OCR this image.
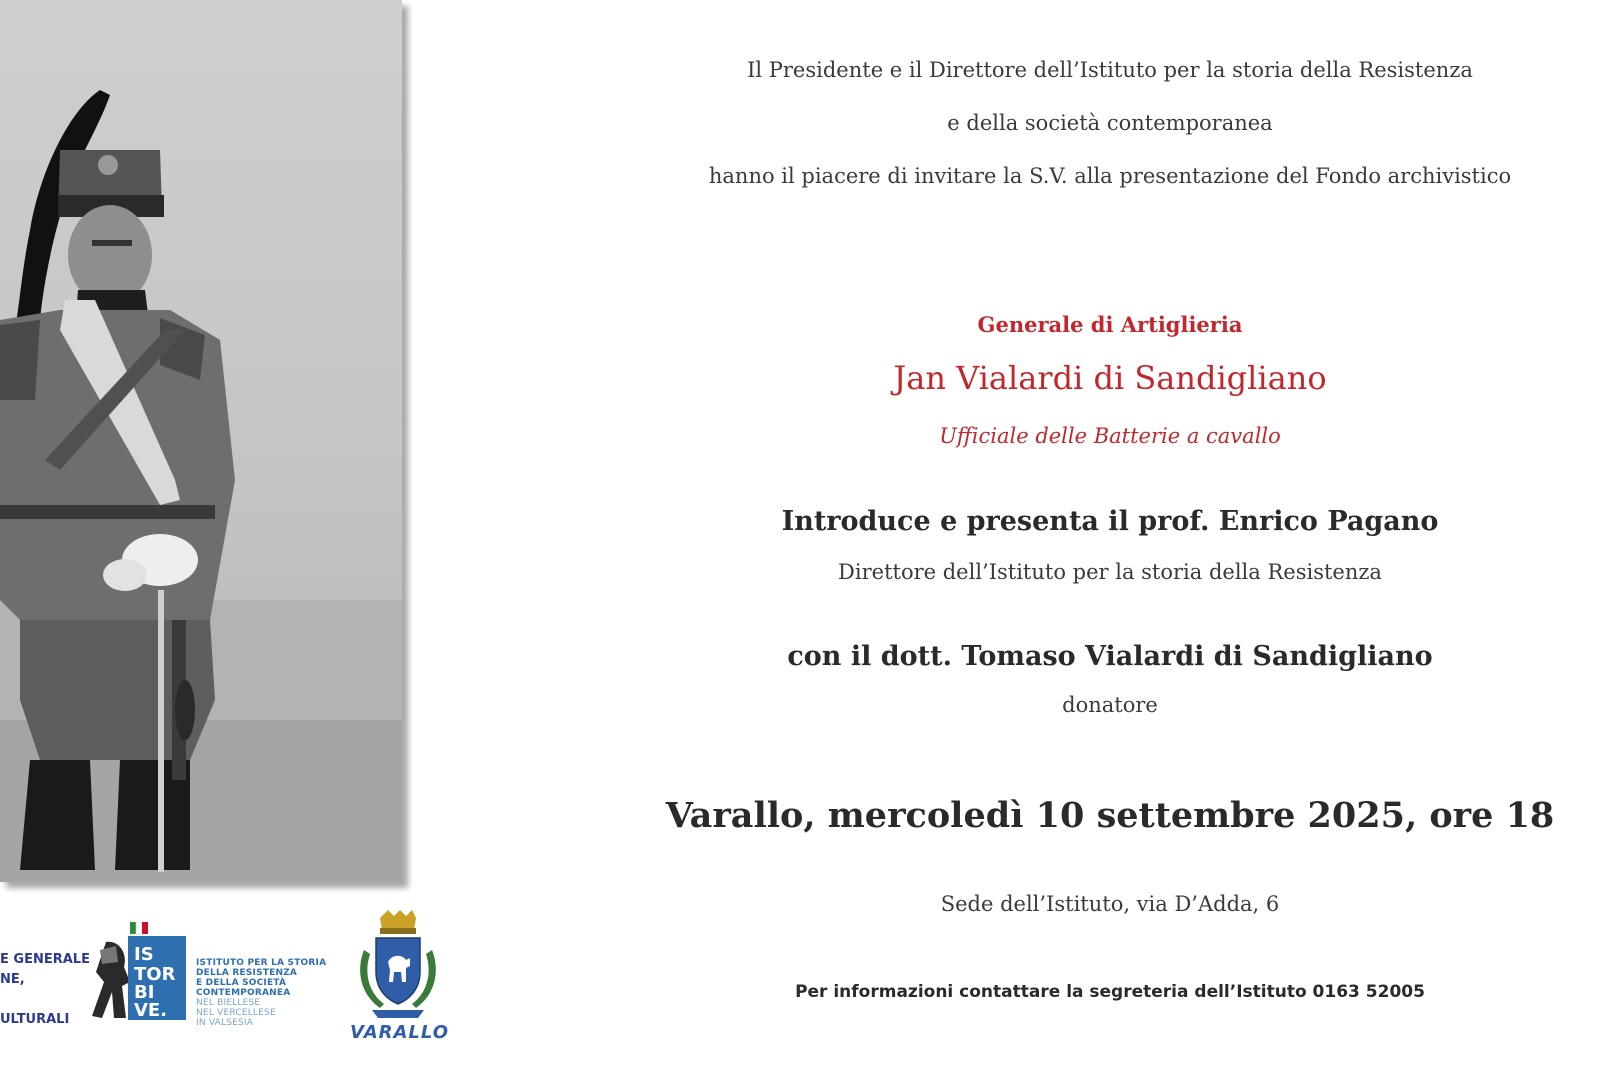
E GENERALE
NE,

ULTURALI
IS
TOR
BI
VE.
ISTITUTO PER LA STORIA
DELLA RESISTENZA
E DELLA SOCIETÀ
CONTEMPORANEA
NEL BIELLESE
NEL VERCELLESE
IN VALSESIA	VARALLO
Il Presidente e il Direttore dell’Istituto per la storia della Resistenza
e della società contemporanea
hanno il piacere di invitare la S.V. alla presentazione del Fondo archivistico
Generale di Artiglieria
Jan Vialardi di Sandigliano
Ufficiale delle Batterie a cavallo
Introduce e presenta il prof. Enrico Pagano
Direttore dell’Istituto per la storia della Resistenza
con il dott. Tomaso Vialardi di Sandigliano
donatore
Varallo, mercoledì 10 settembre 2025, ore 18
Sede dell’Istituto, via D’Adda, 6
Per informazioni contattare la segreteria dell’Istituto 0163 52005
